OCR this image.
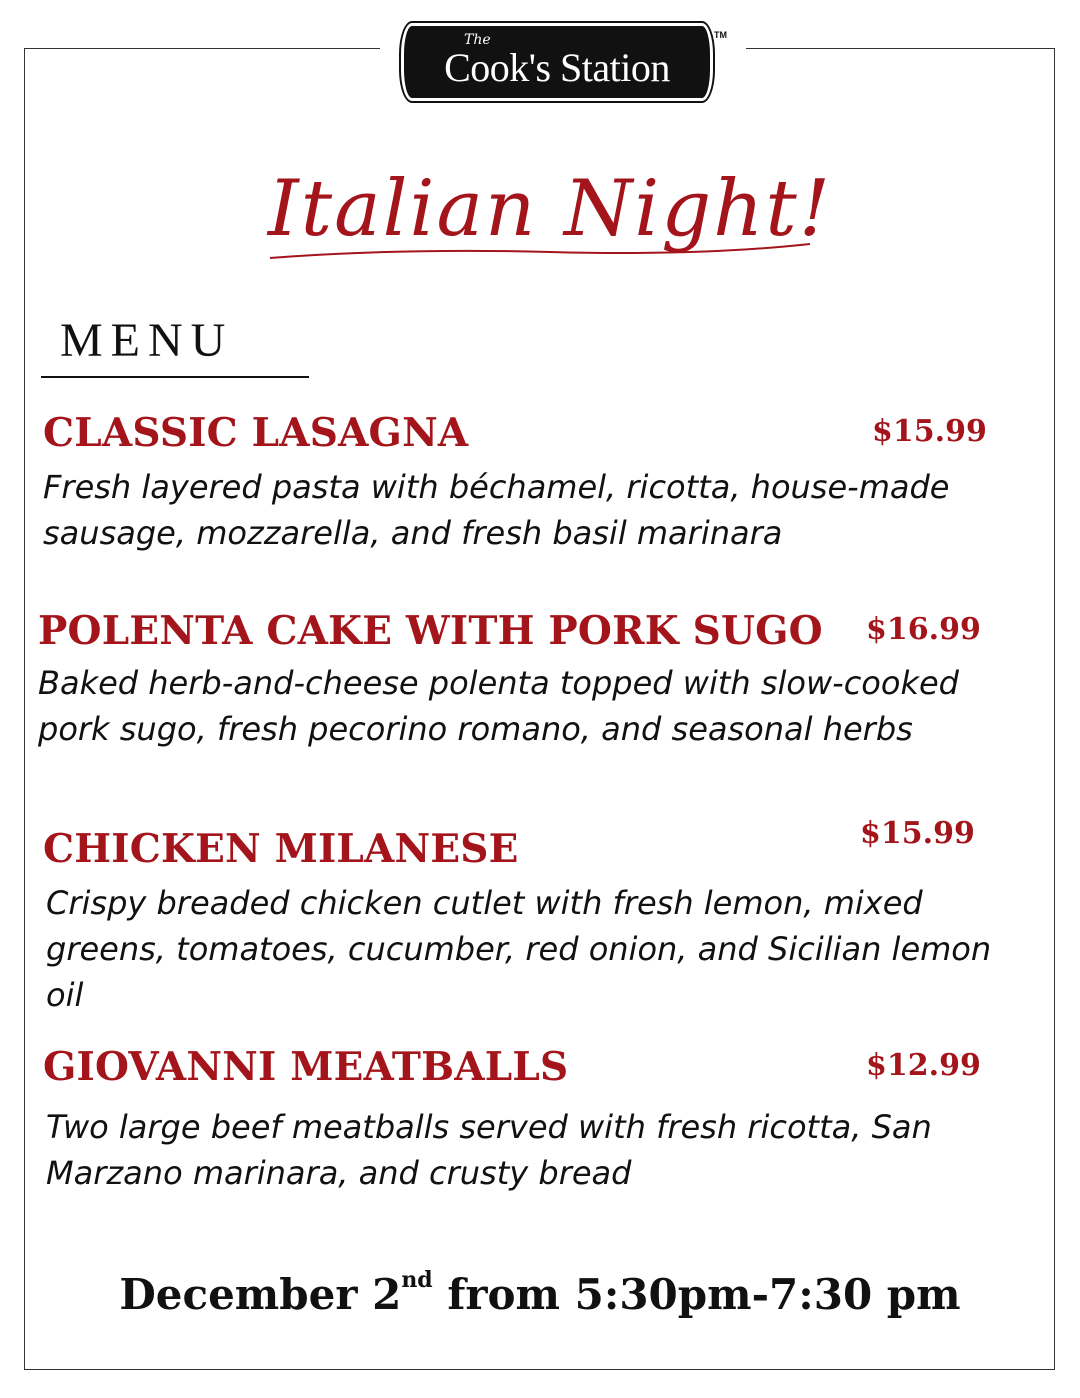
The
Cook's Station
TM
Italian Night!
MENU
CLASSIC LASAGNA	$15.99
Fresh layered pasta with béchamel, ricotta, house-made sausage, mozzarella, and fresh basil marinara
POLENTA CAKE WITH PORK SUGO $16.99
Baked herb-and-cheese polenta topped with slow-cooked pork sugo, fresh pecorino romano, and seasonal herbs
CHICKEN MILANESE	$15.99
Crispy breaded chicken cutlet with fresh lemon, mixed greens, tomatoes, cucumber, red onion, and Sicilian lemon oil
GIOVANNI MEATBALLS	$12.99
Two large beef meatballs served with fresh ricotta, San Marzano marinara, and crusty bread
December 2nd from 5:30pm-7:30 pm
